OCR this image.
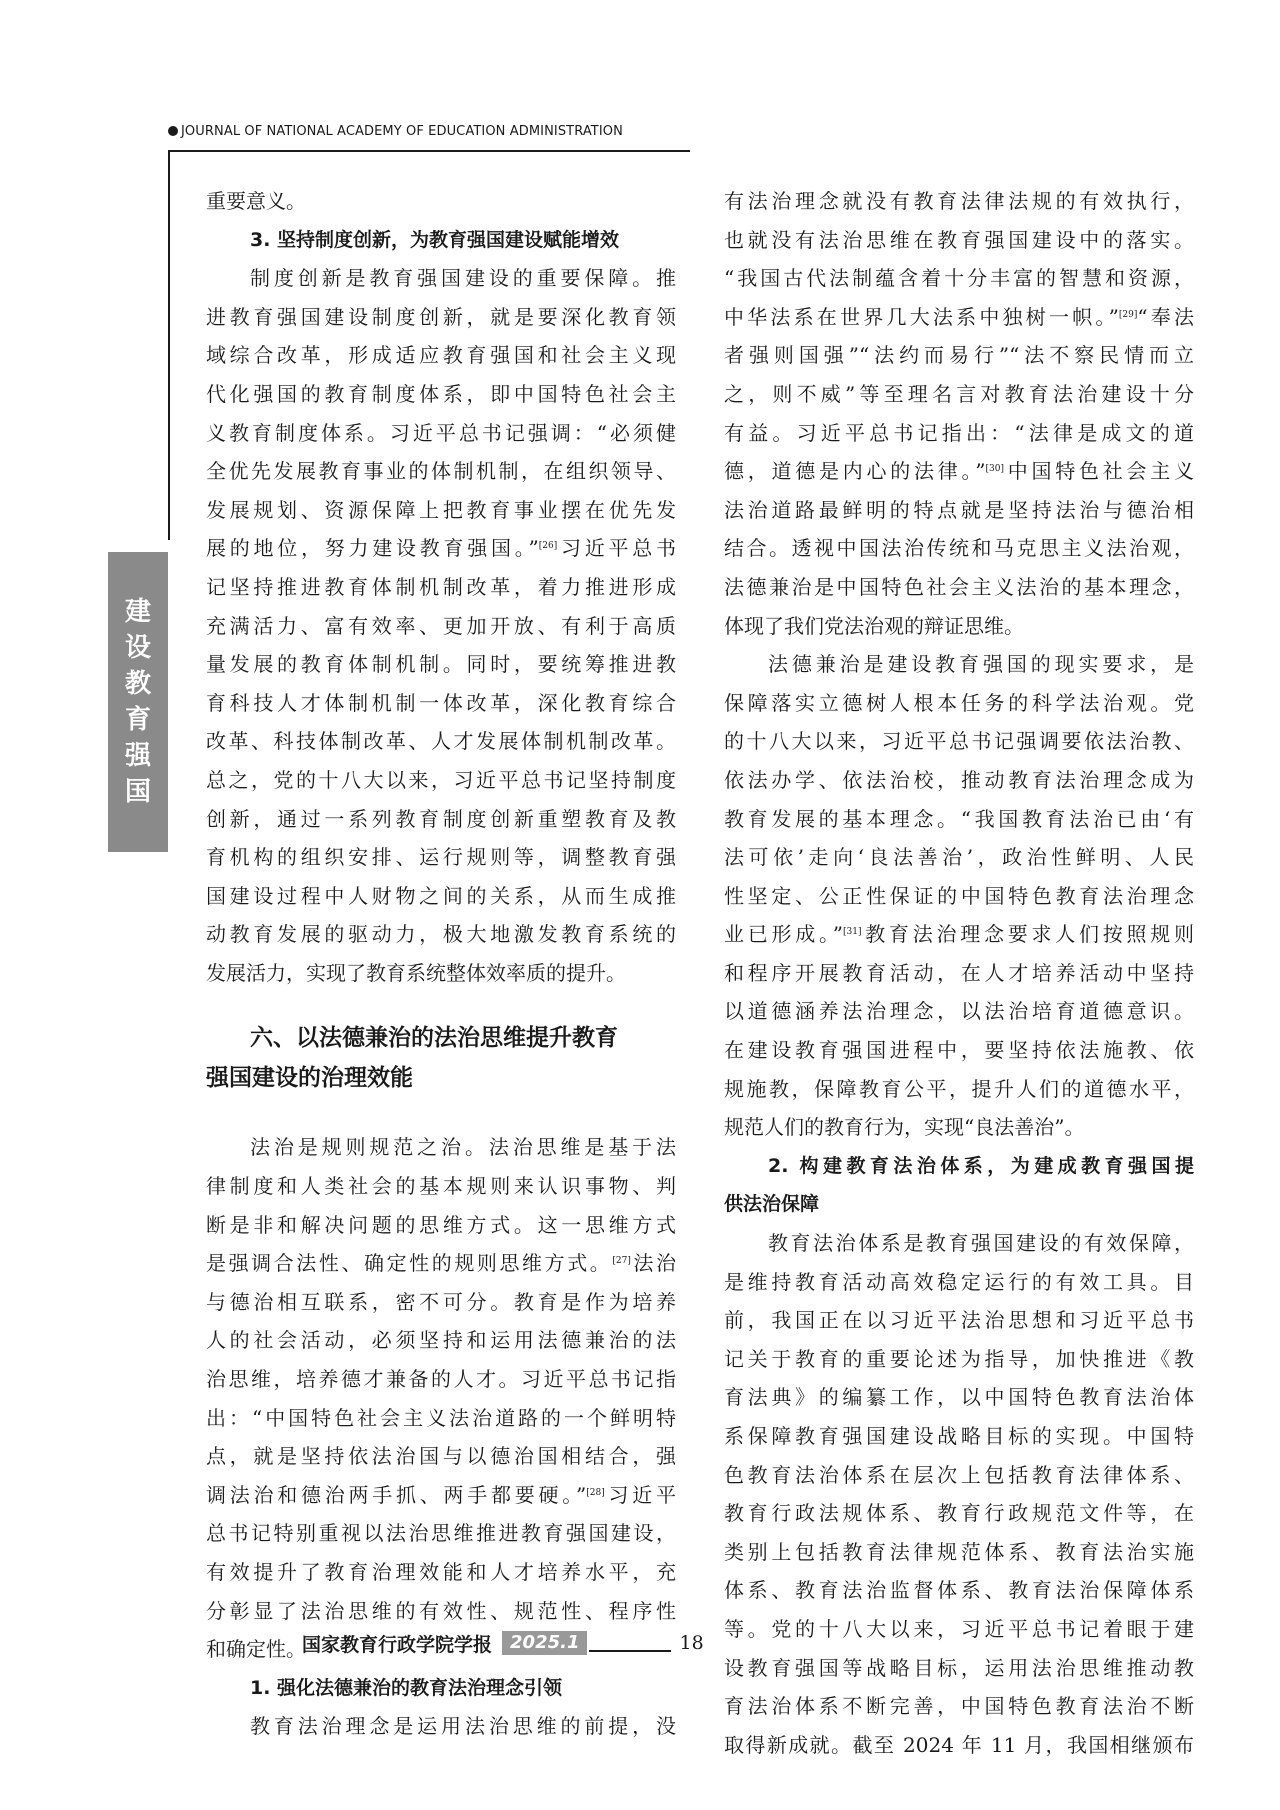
JOURNAL OF NATIONAL ACADEMY OF EDUCATION ADMINISTRATION
建
设
教
育
强
国
重要意义。
3. 坚持制度创新，为教育强国建设赋能增效
制度创新是教育强国建设的重要保障。推
进教育强国建设制度创新，就是要深化教育领
域综合改革，形成适应教育强国和社会主义现
代化强国的教育制度体系，即中国特色社会主
义教育制度体系。习近平总书记强调：“必须健
全优先发展教育事业的体制机制，在组织领导、
发展规划、资源保障上把教育事业摆在优先发
展的地位，努力建设教育强国。”[26]习近平总书
记坚持推进教育体制机制改革，着力推进形成
充满活力、富有效率、更加开放、有利于高质
量发展的教育体制机制。同时，要统筹推进教
育科技人才体制机制一体改革，深化教育综合
改革、科技体制改革、人才发展体制机制改革。
总之，党的十八大以来，习近平总书记坚持制度
创新，通过一系列教育制度创新重塑教育及教
育机构的组织安排、运行规则等，调整教育强
国建设过程中人财物之间的关系，从而生成推
动教育发展的驱动力，极大地激发教育系统的
发展活力，实现了教育系统整体效率质的提升。
六、以法德兼治的法治思维提升教育
强国建设的治理效能
法治是规则规范之治。法治思维是基于法
律制度和人类社会的基本规则来认识事物、判
断是非和解决问题的思维方式。这一思维方式
是强调合法性、确定性的规则思维方式。[27]法治
与德治相互联系，密不可分。教育是作为培养
人的社会活动，必须坚持和运用法德兼治的法
治思维，培养德才兼备的人才。习近平总书记指
出：“中国特色社会主义法治道路的一个鲜明特
点，就是坚持依法治国与以德治国相结合，强
调法治和德治两手抓、两手都要硬。”[28]习近平
总书记特别重视以法治思维推进教育强国建设，
有效提升了教育治理效能和人才培养水平，充
分彰显了法治思维的有效性、规范性、程序性
和确定性。
1. 强化法德兼治的教育法治理念引领
教育法治理念是运用法治思维的前提，没
有法治理念就没有教育法律法规的有效执行，
也就没有法治思维在教育强国建设中的落实。
“我国古代法制蕴含着十分丰富的智慧和资源，
中华法系在世界几大法系中独树一帜。”[29]“奉法
者强则国强”“法约而易行”“法不察民情而立
之，则不威”等至理名言对教育法治建设十分
有益。习近平总书记指出：“法律是成文的道
德，道德是内心的法律。”[30]中国特色社会主义
法治道路最鲜明的特点就是坚持法治与德治相
结合。透视中国法治传统和马克思主义法治观，
法德兼治是中国特色社会主义法治的基本理念，
体现了我们党法治观的辩证思维。
法德兼治是建设教育强国的现实要求，是
保障落实立德树人根本任务的科学法治观。党
的十八大以来，习近平总书记强调要依法治教、
依法办学、依法治校，推动教育法治理念成为
教育发展的基本理念。“我国教育法治已由‘有
法可依’走向‘良法善治’，政治性鲜明、人民
性坚定、公正性保证的中国特色教育法治理念
业已形成。”[31]教育法治理念要求人们按照规则
和程序开展教育活动，在人才培养活动中坚持
以道德涵养法治理念，以法治培育道德意识。
在建设教育强国进程中，要坚持依法施教、依
规施教，保障教育公平，提升人们的道德水平，
规范人们的教育行为，实现“良法善治”。
2. 构建教育法治体系，为建成教育强国提
供法治保障
教育法治体系是教育强国建设的有效保障，
是维持教育活动高效稳定运行的有效工具。目
前，我国正在以习近平法治思想和习近平总书
记关于教育的重要论述为指导，加快推进《教
育法典》的编纂工作，以中国特色教育法治体
系保障教育强国建设战略目标的实现。中国特
色教育法治体系在层次上包括教育法律体系、
教育行政法规体系、教育行政规范文件等，在
类别上包括教育法律规范体系、教育法治实施
体系、教育法治监督体系、教育法治保障体系
等。党的十八大以来，习近平总书记着眼于建
设教育强国等战略目标，运用法治思维推动教
育法治体系不断完善，中国特色教育法治不断
取得新成就。截至 2024 年 11 月，我国相继颁布
国家教育行政学院学报	2025.1	18
